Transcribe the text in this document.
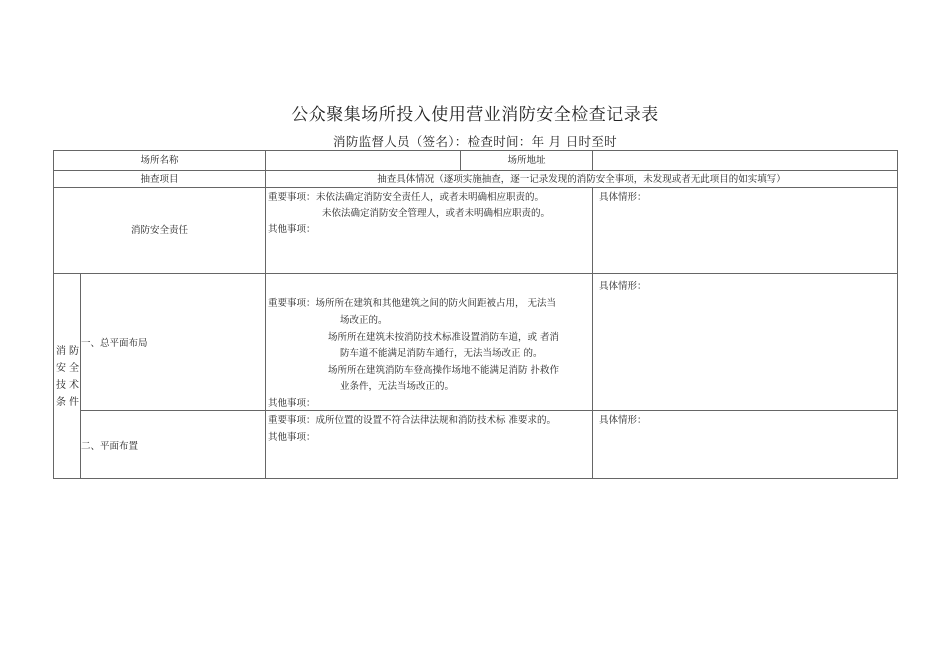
公众聚集场所投入使用营业消防安全检查记录表
消防监督人员（签名）：检查时间：年 月 日时至时
场所名称	场所地址
抽查项目	抽查具体情况（逐项实施抽查，逐一记录发现的消防安全事项，未发现或者无此项目的如实填写）
消防安全责任
重要事项： 未依法确定消防安全责任人，或者未明确相应职责的。
未依法确定消防安全管理人，或者未明确相应职责的。
其他事项：
具体情形：
消 防
安 全
技 术
条 件
一、总平面布局
重要事项：场所所在建筑和其他建筑之间的防火间距被占用， 无法当
场改正的。
场所所在建筑未按消防技术标准设置消防车道，或 者消
防车道不能满足消防车通行，无法当场改正 的。
场所所在建筑消防车登高操作场地不能满足消防 扑救作
业条件，无法当场改正的。
其他事项：
具体情形：
二、平面布置
重要事项：成所位置的设置不符合法律法规和消防技术标 准要求的。
其他事项：
具体情形：
